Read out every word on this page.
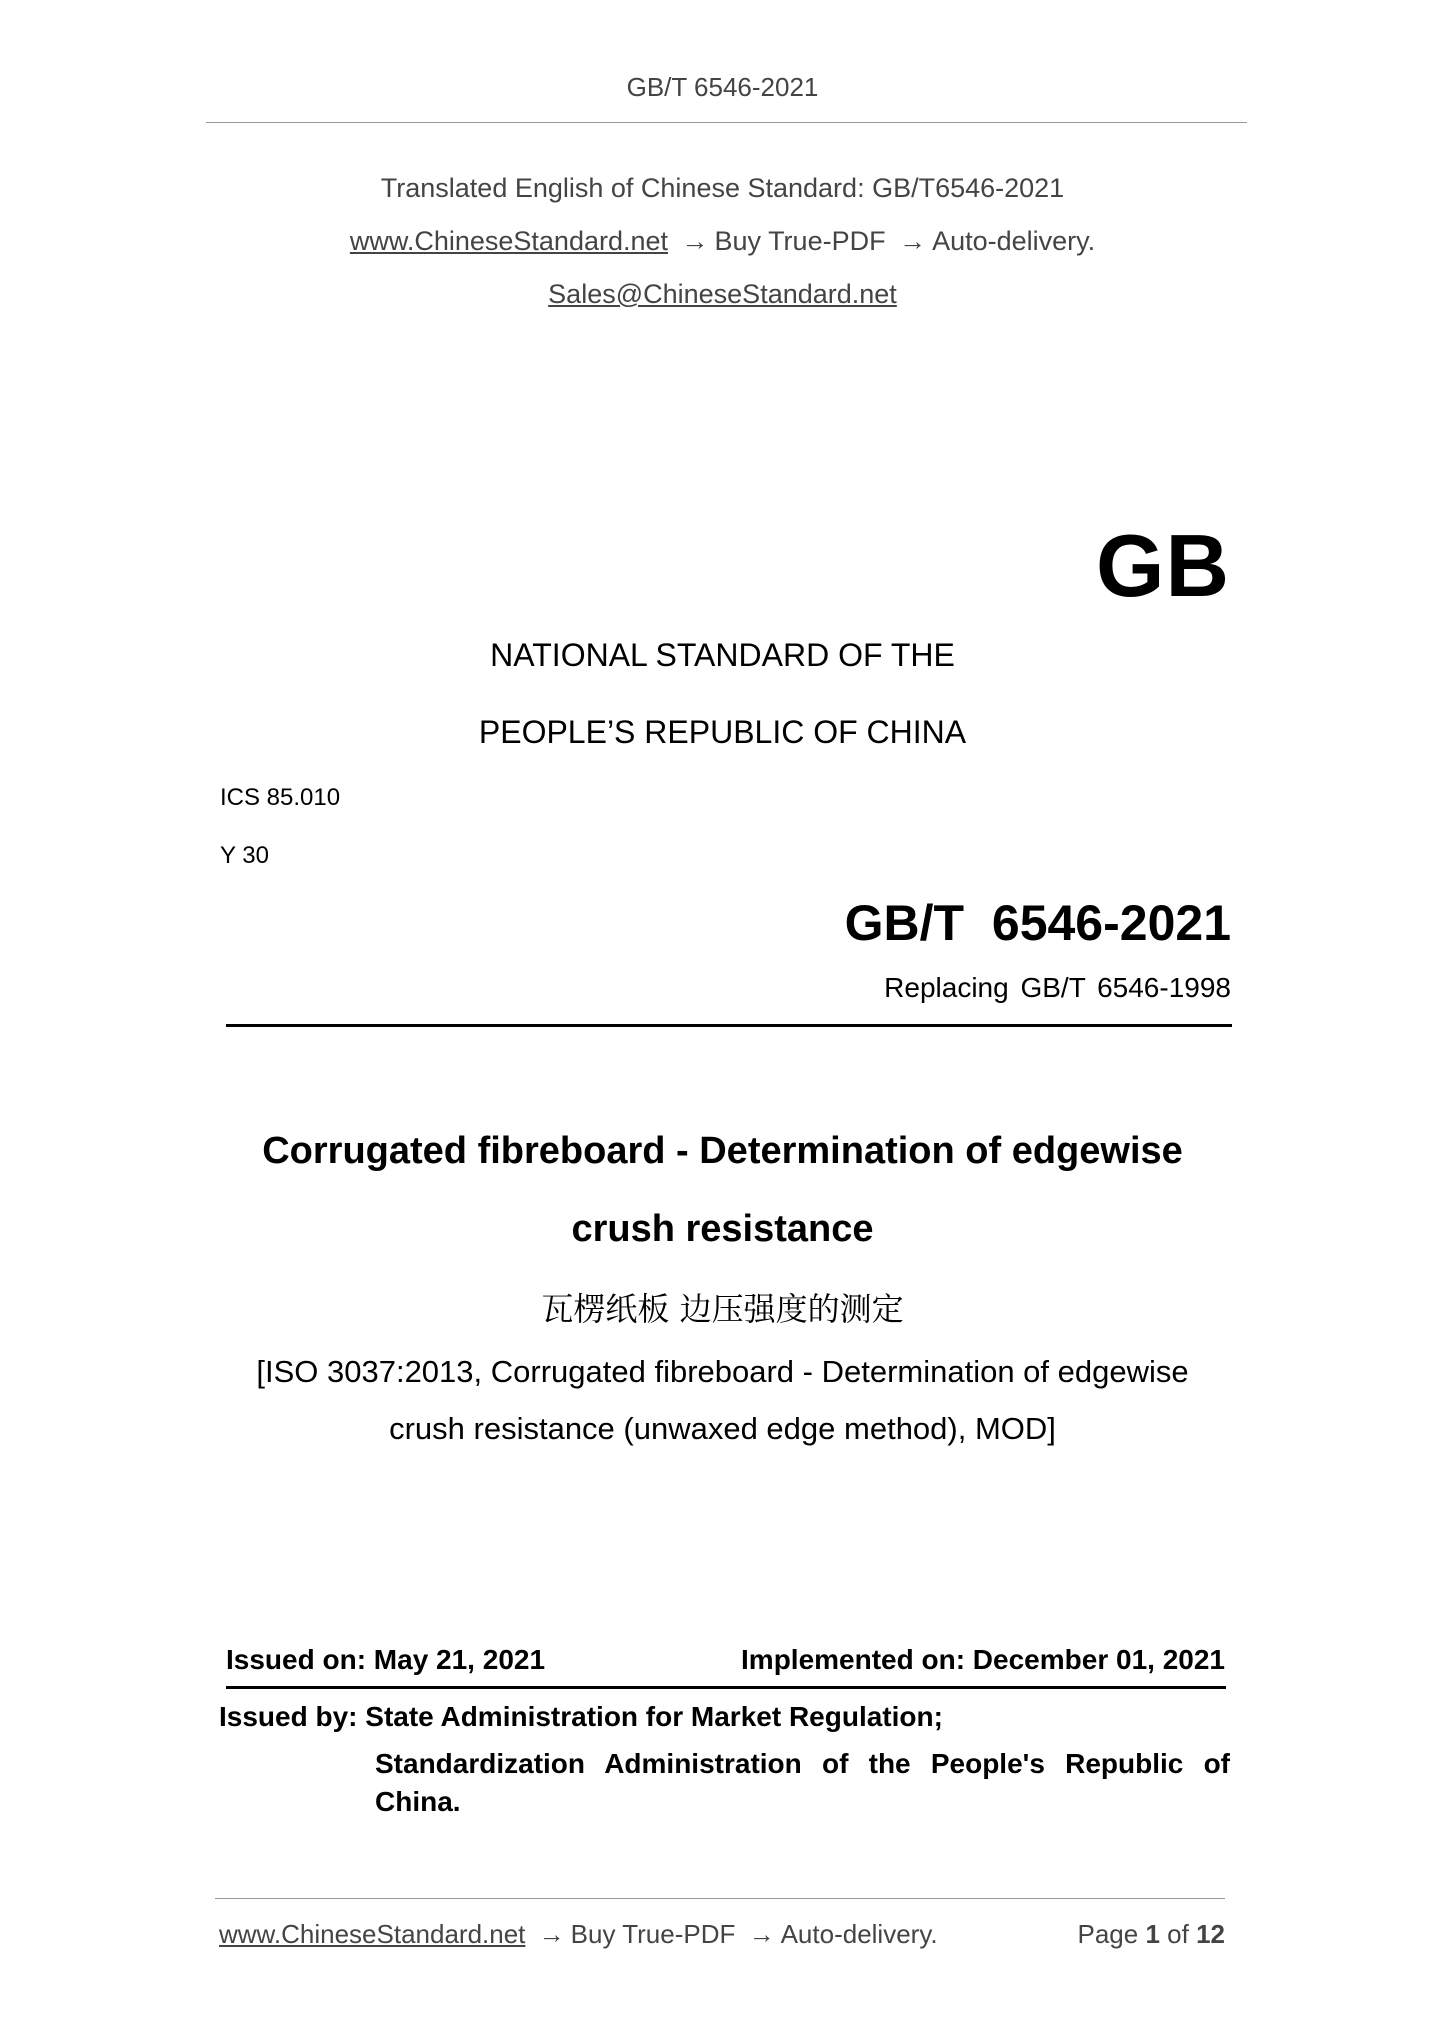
GB/T 6546-2021
Translated English of Chinese Standard: GB/T6546-2021
www.ChineseStandard.net → Buy True-PDF → Auto-delivery.
Sales@ChineseStandard.net
GB
NATIONAL STANDARD OF THE
PEOPLE’S REPUBLIC OF CHINA
ICS 85.010
Y 30
GB/T 6546-2021
Replacing GB/T 6546-1998
Corrugated fibreboard - Determination of edgewise
crush resistance
瓦楞纸板 边压强度的测定
[ISO 3037:2013, Corrugated fibreboard - Determination of edgewise
crush resistance (unwaxed edge method), MOD]
Issued on: May 21, 2021	Implemented on: December 01, 2021
Issued by: State Administration for Market Regulation;
Standardization Administration of the People's Republic of
China.
www.ChineseStandard.net → Buy True-PDF → Auto-delivery.	Page 1 of 12
